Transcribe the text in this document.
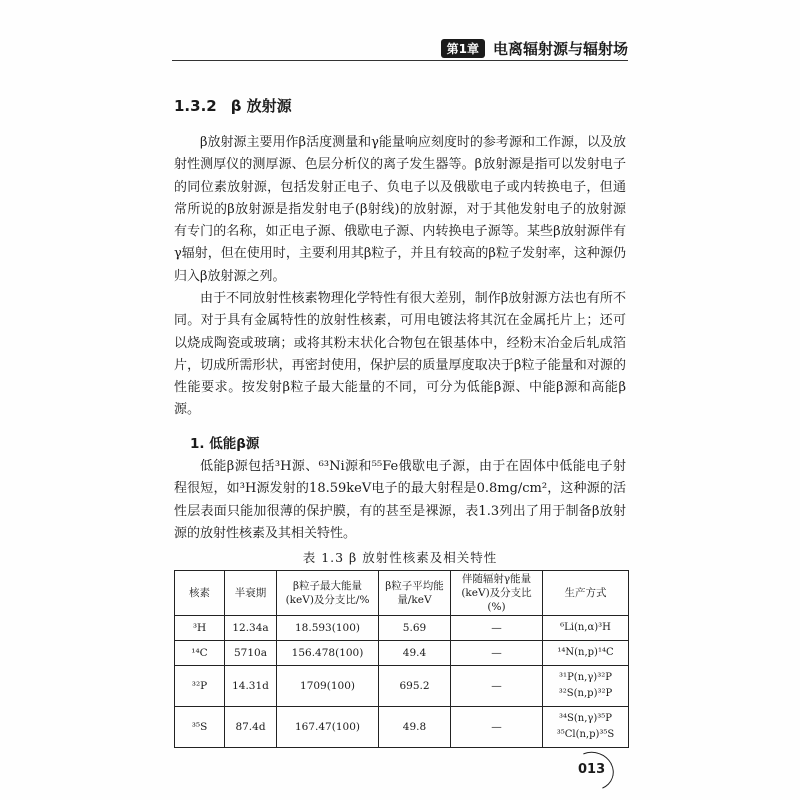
第1章 电离辐射源与辐射场
1.3.2 β 放射源

β放射源主要用作β活度测量和γ能量响应刻度时的参考源和工作源，以及放射性测厚仪的测厚源、色层分析仪的离子发生器等。β放射源是指可以发射电子的同位素放射源，包括发射正电子、负电子以及俄歇电子或内转换电子，但通常所说的β放射源是指发射电子(β射线)的放射源，对于其他发射电子的放射源有专门的名称，如正电子源、俄歇电子源、内转换电子源等。某些β放射源伴有γ辐射，但在使用时，主要利用其β粒子，并且有较高的β粒子发射率，这种源仍归入β放射源之列。

由于不同放射性核素物理化学特性有很大差别，制作β放射源方法也有所不同。对于具有金属特性的放射性核素，可用电镀法将其沉在金属托片上；还可以烧成陶瓷或玻璃；或将其粉末状化合物包在银基体中，经粉末冶金后轧成箔片，切成所需形状，再密封使用，保护层的质量厚度取决于β粒子能量和对源的性能要求。按发射β粒子最大能量的不同，可分为低能β源、中能β源和高能β源。

1. 低能β源

低能β源包括³H源、⁶³Ni源和⁵⁵Fe俄歇电子源，由于在固体中低能电子射程很短，如³H源发射的18.59keV电子的最大射程是0.8mg/cm²，这种源的活性层表面只能加很薄的保护膜，有的甚至是裸源，表1.3列出了用于制备β放射源的放射性核素及其相关特性。

表 1.3 β 放射性核素及相关特性
核素	半衰期	β粒子最大能量(keV)及分支比/%	β粒子平均能量/keV	伴随辐射γ能量(keV)及分支比(%)	生产方式
³H	12.34a	18.593(100)	5.69	—	⁶Li(n,α)³H

¹⁴C	5710a	156.478(100)	49.4	—	¹⁴N(n,p)¹⁴C

³²P	14.31d	1709(100)	695.2	—	³¹P(n,γ)³²P
³²S(n,p)³²P

³⁵S	87.4d	167.47(100)	49.8	—	³⁴S(n,γ)³⁵P
³⁵Cl(n,p)³⁵S
013
